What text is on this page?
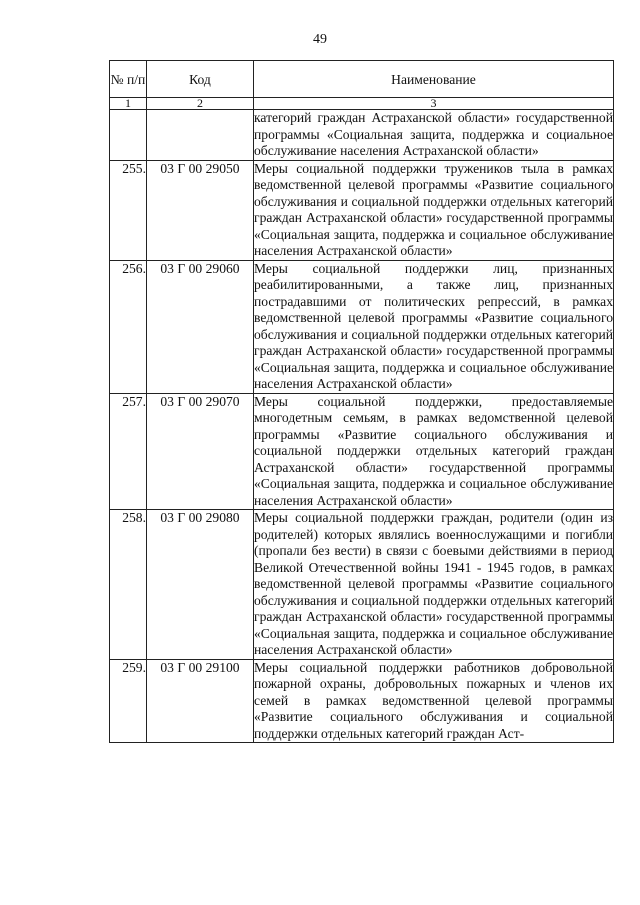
49
№ п/п	Код	Наименование
1	2	3
		категорий граждан Астраханской области» государственной программы «Социальная защита, поддержка и социальное обслуживание населения Астраханской области»
255.	03 Г 00 29050	Меры социальной поддержки тружеников тыла в рамках ведомственной целевой программы «Развитие социального обслуживания и социальной поддержки отдельных категорий граждан Астраханской области» государственной программы «Социальная защита, поддержка и социальное обслуживание населения Астраханской области»
256.	03 Г 00 29060	Меры социальной поддержки лиц, признанных реабилитированными, а также лиц, признанных пострадавшими от политических репрессий, в рамках ведомственной целевой программы «Развитие социального обслуживания и социальной поддержки отдельных категорий граждан Астраханской области» государственной программы «Социальная защита, поддержка и социальное обслуживание населения Астраханской области»
257.	03 Г 00 29070	Меры социальной поддержки, предоставляемые многодетным семьям, в рамках ведомственной целевой программы «Развитие социального обслуживания и социальной поддержки отдельных категорий граждан Астраханской области» государственной программы «Социальная защита, поддержка и социальное обслуживание населения Астраханской области»
258.	03 Г 00 29080	Меры социальной поддержки граждан, родители (один из родителей) которых являлись военнослужащими и погибли (пропали без вести) в связи с боевыми действиями в период Великой Отечественной войны 1941 - 1945 годов, в рамках ведомственной целевой программы «Развитие социального обслуживания и социальной поддержки отдельных категорий граждан Астраханской области» государственной программы «Социальная защита, поддержка и социальное обслуживание населения Астраханской области»
259.	03 Г 00 29100	Меры социальной поддержки работников добровольной пожарной охраны, добровольных пожарных и членов их семей в рамках ведомственной целевой программы «Развитие социального обслуживания и социальной поддержки отдельных категорий граждан Аст-
